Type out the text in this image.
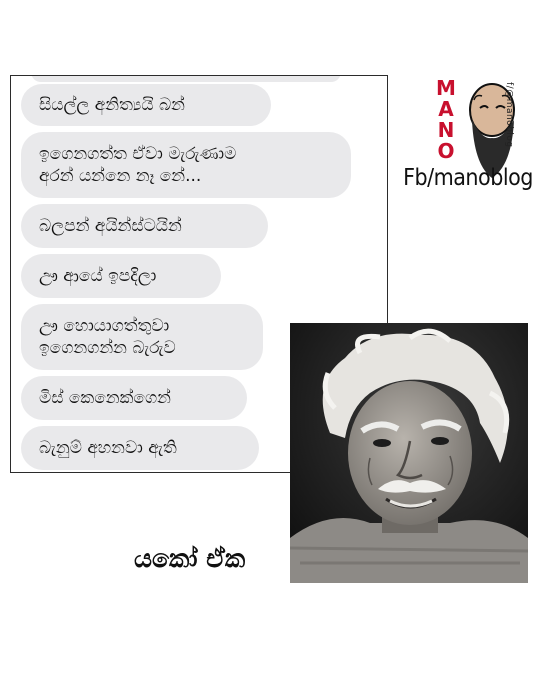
සියල්ල අනිත්‍යයි බන්
ඉගෙනගත්ත ඒවා මැරුණාම
අරන් යන්නෙ නෑ නේ...
බලපන් අයින්ස්ටයින්
ඌ ආයේ ඉපදිලා
ඌ හොයාගත්තුවා
ඉගෙනගන්න බැරුව
මිස් කෙනෙක්ගෙන්
බැනුම් අහනවා ඇති
M
A
N
O
f/@manoblog
Fb/manoblog
යකෝ ඒක
